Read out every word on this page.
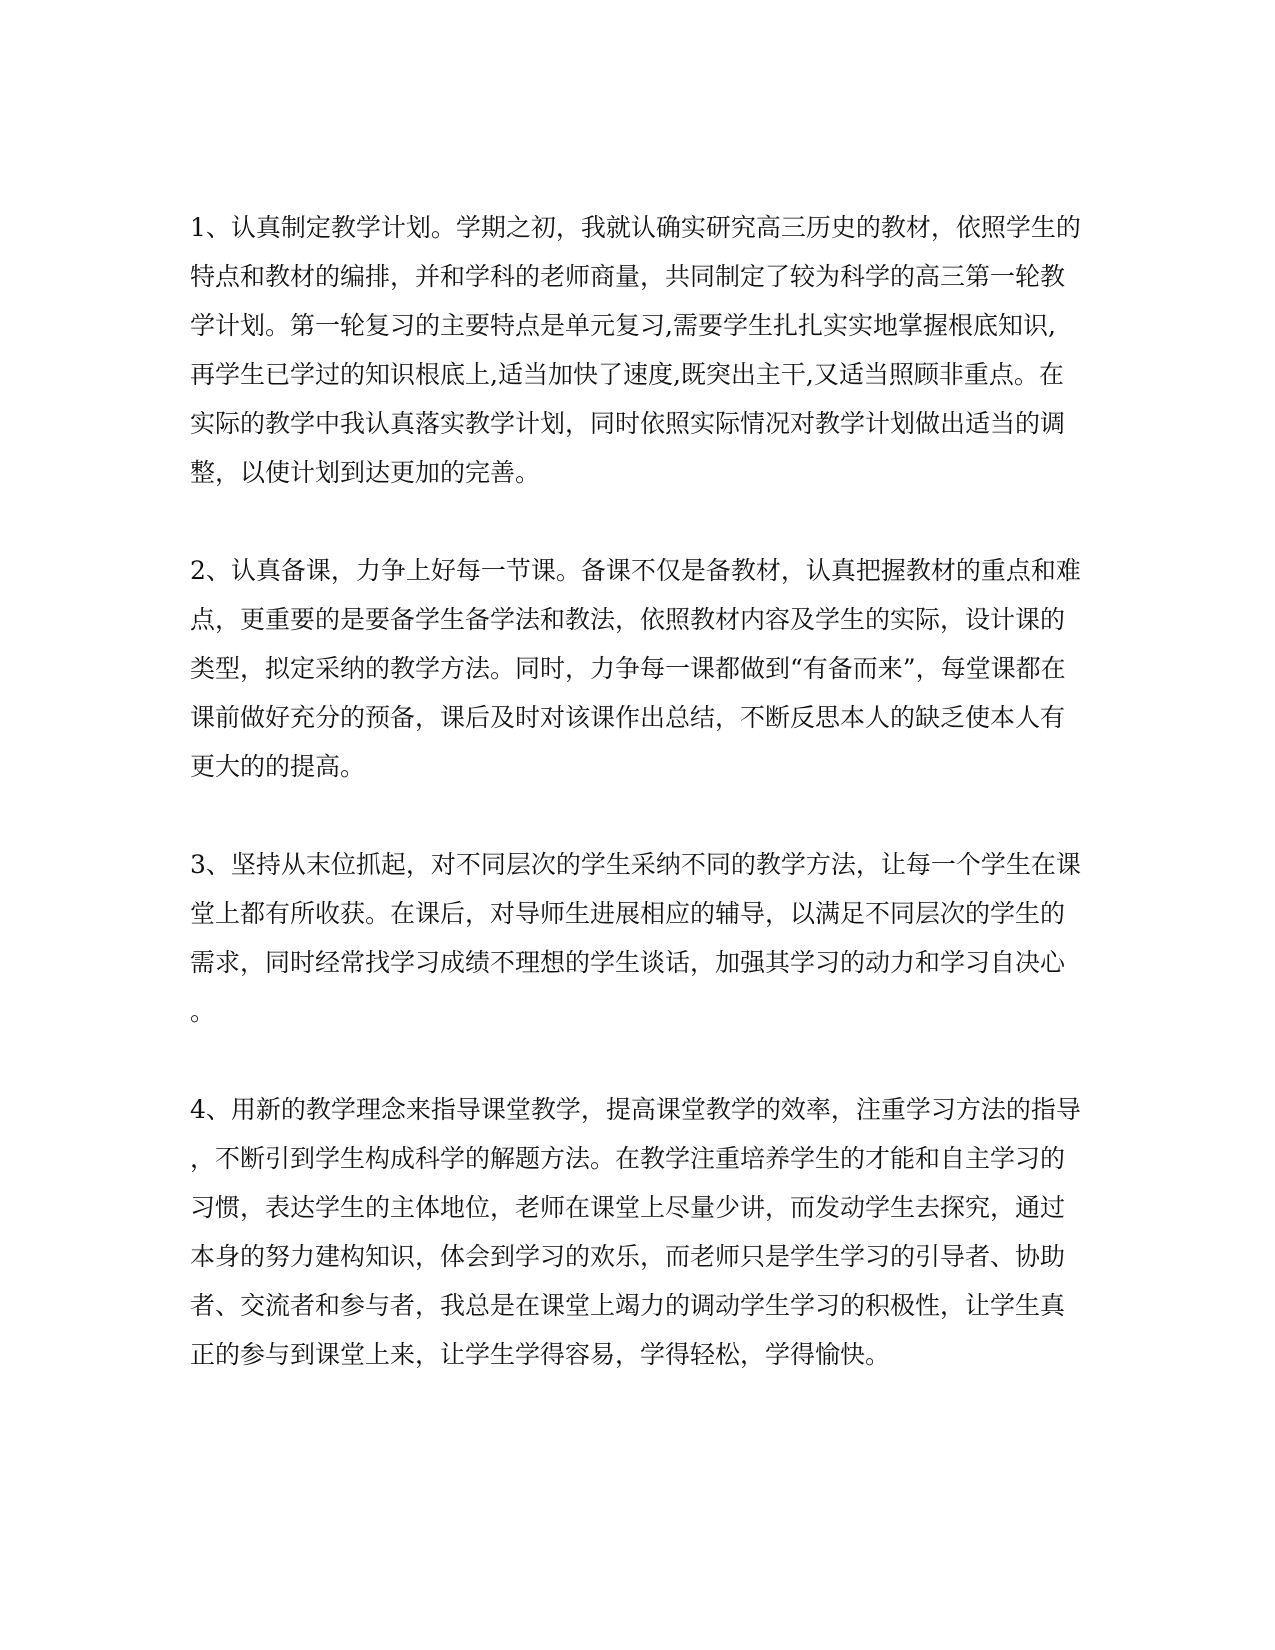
1、认真制定教学计划。学期之初，我就认确实研究高三历史的教材，依照学生的
特点和教材的编排，并和学科的老师商量，共同制定了较为科学的高三第一轮教
学计划。第一轮复习的主要特点是单元复习,需要学生扎扎实实地掌握根底知识,
再学生已学过的知识根底上,适当加快了速度,既突出主干,又适当照顾非重点。在
实际的教学中我认真落实教学计划，同时依照实际情况对教学计划做出适当的调
整，以使计划到达更加的完善。
2、认真备课，力争上好每一节课。备课不仅是备教材，认真把握教材的重点和难
点，更重要的是要备学生备学法和教法，依照教材内容及学生的实际，设计课的
类型，拟定采纳的教学方法。同时，力争每一课都做到“有备而来”，每堂课都在
课前做好充分的预备，课后及时对该课作出总结，不断反思本人的缺乏使本人有
更大的的提高。
3、坚持从末位抓起，对不同层次的学生采纳不同的教学方法，让每一个学生在课
堂上都有所收获。在课后，对导师生进展相应的辅导，以满足不同层次的学生的
需求，同时经常找学习成绩不理想的学生谈话，加强其学习的动力和学习自决心
。
4、用新的教学理念来指导课堂教学，提高课堂教学的效率，注重学习方法的指导
，不断引到学生构成科学的解题方法。在教学注重培养学生的才能和自主学习的
习惯，表达学生的主体地位，老师在课堂上尽量少讲，而发动学生去探究，通过
本身的努力建构知识，体会到学习的欢乐，而老师只是学生学习的引导者、协助
者、交流者和参与者，我总是在课堂上竭力的调动学生学习的积极性，让学生真
正的参与到课堂上来，让学生学得容易，学得轻松，学得愉快。
